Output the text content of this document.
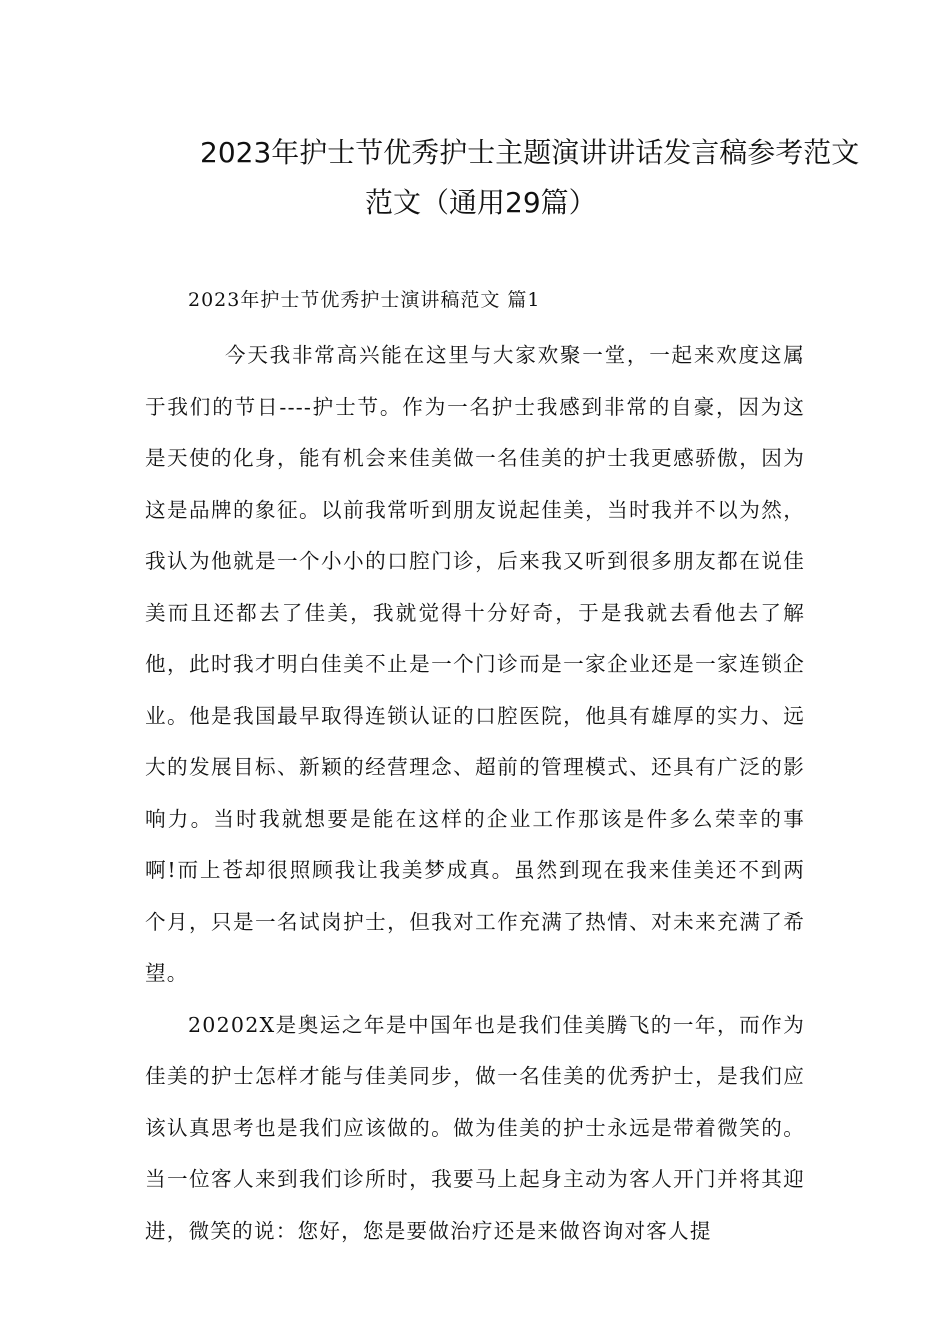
2023年护士节优秀护士主题演讲讲话发言稿参考范文
范文（通用29篇）
2023年护士节优秀护士演讲稿范文 篇1

今天我非常高兴能在这里与大家欢聚一堂，一起来欢度这属于我们的节日----护士节。作为一名护士我感到非常的自豪，因为这是天使的化身，能有机会来佳美做一名佳美的护士我更感骄傲，因为这是品牌的象征。以前我常听到朋友说起佳美，当时我并不以为然，我认为他就是一个小小的口腔门诊，后来我又听到很多朋友都在说佳美而且还都去了佳美，我就觉得十分好奇，于是我就去看他去了解他，此时我才明白佳美不止是一个门诊而是一家企业还是一家连锁企业。他是我国最早取得连锁认证的口腔医院，他具有雄厚的实力、远大的发展目标、新颖的经营理念、超前的管理模式、还具有广泛的影响力。当时我就想要是能在这样的企业工作那该是件多么荣幸的事啊!而上苍却很照顾我让我美梦成真。虽然到现在我来佳美还不到两个月，只是一名试岗护士，但我对工作充满了热情、对未来充满了希望。

20202X是奥运之年是中国年也是我们佳美腾飞的一年，而作为佳美的护士怎样才能与佳美同步，做一名佳美的优秀护士，是我们应该认真思考也是我们应该做的。做为佳美的护士永远是带着微笑的。当一位客人来到我们诊所时，我要马上起身主动为客人开门并将其迎进，微笑的说：您好，您是要做治疗还是来做咨询对客人提
